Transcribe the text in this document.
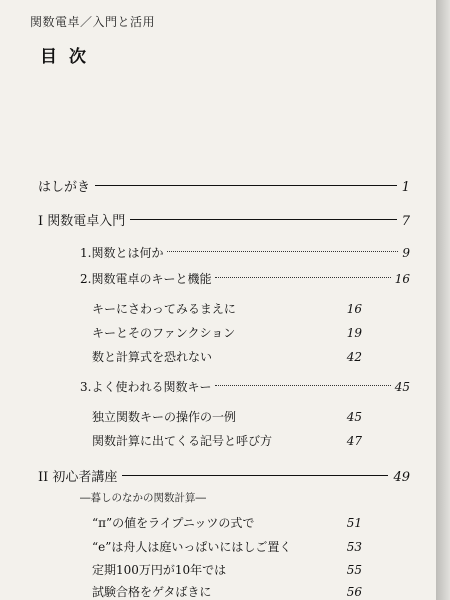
関数電卓／入門と活用
目次
はしがき	1
I 関数電卓入門	7
1.関数とは何か	9
2.関数電卓のキーと機能	16
キーにさわってみるまえに	16
キーとそのファンクション	19
数と計算式を恐れない	42
3.よく使われる関数キー	45
独立関数キーの操作の一例	45
関数計算に出てくる記号と呼び方	47
II 初心者講座	49
―暮しのなかの関数計算―
“π”の値をライプニッツの式で	51
“e”は舟人は庭いっぱいにはしご置く	53
定期100万円が10年では	55
試験合格をゲタばきに	56
